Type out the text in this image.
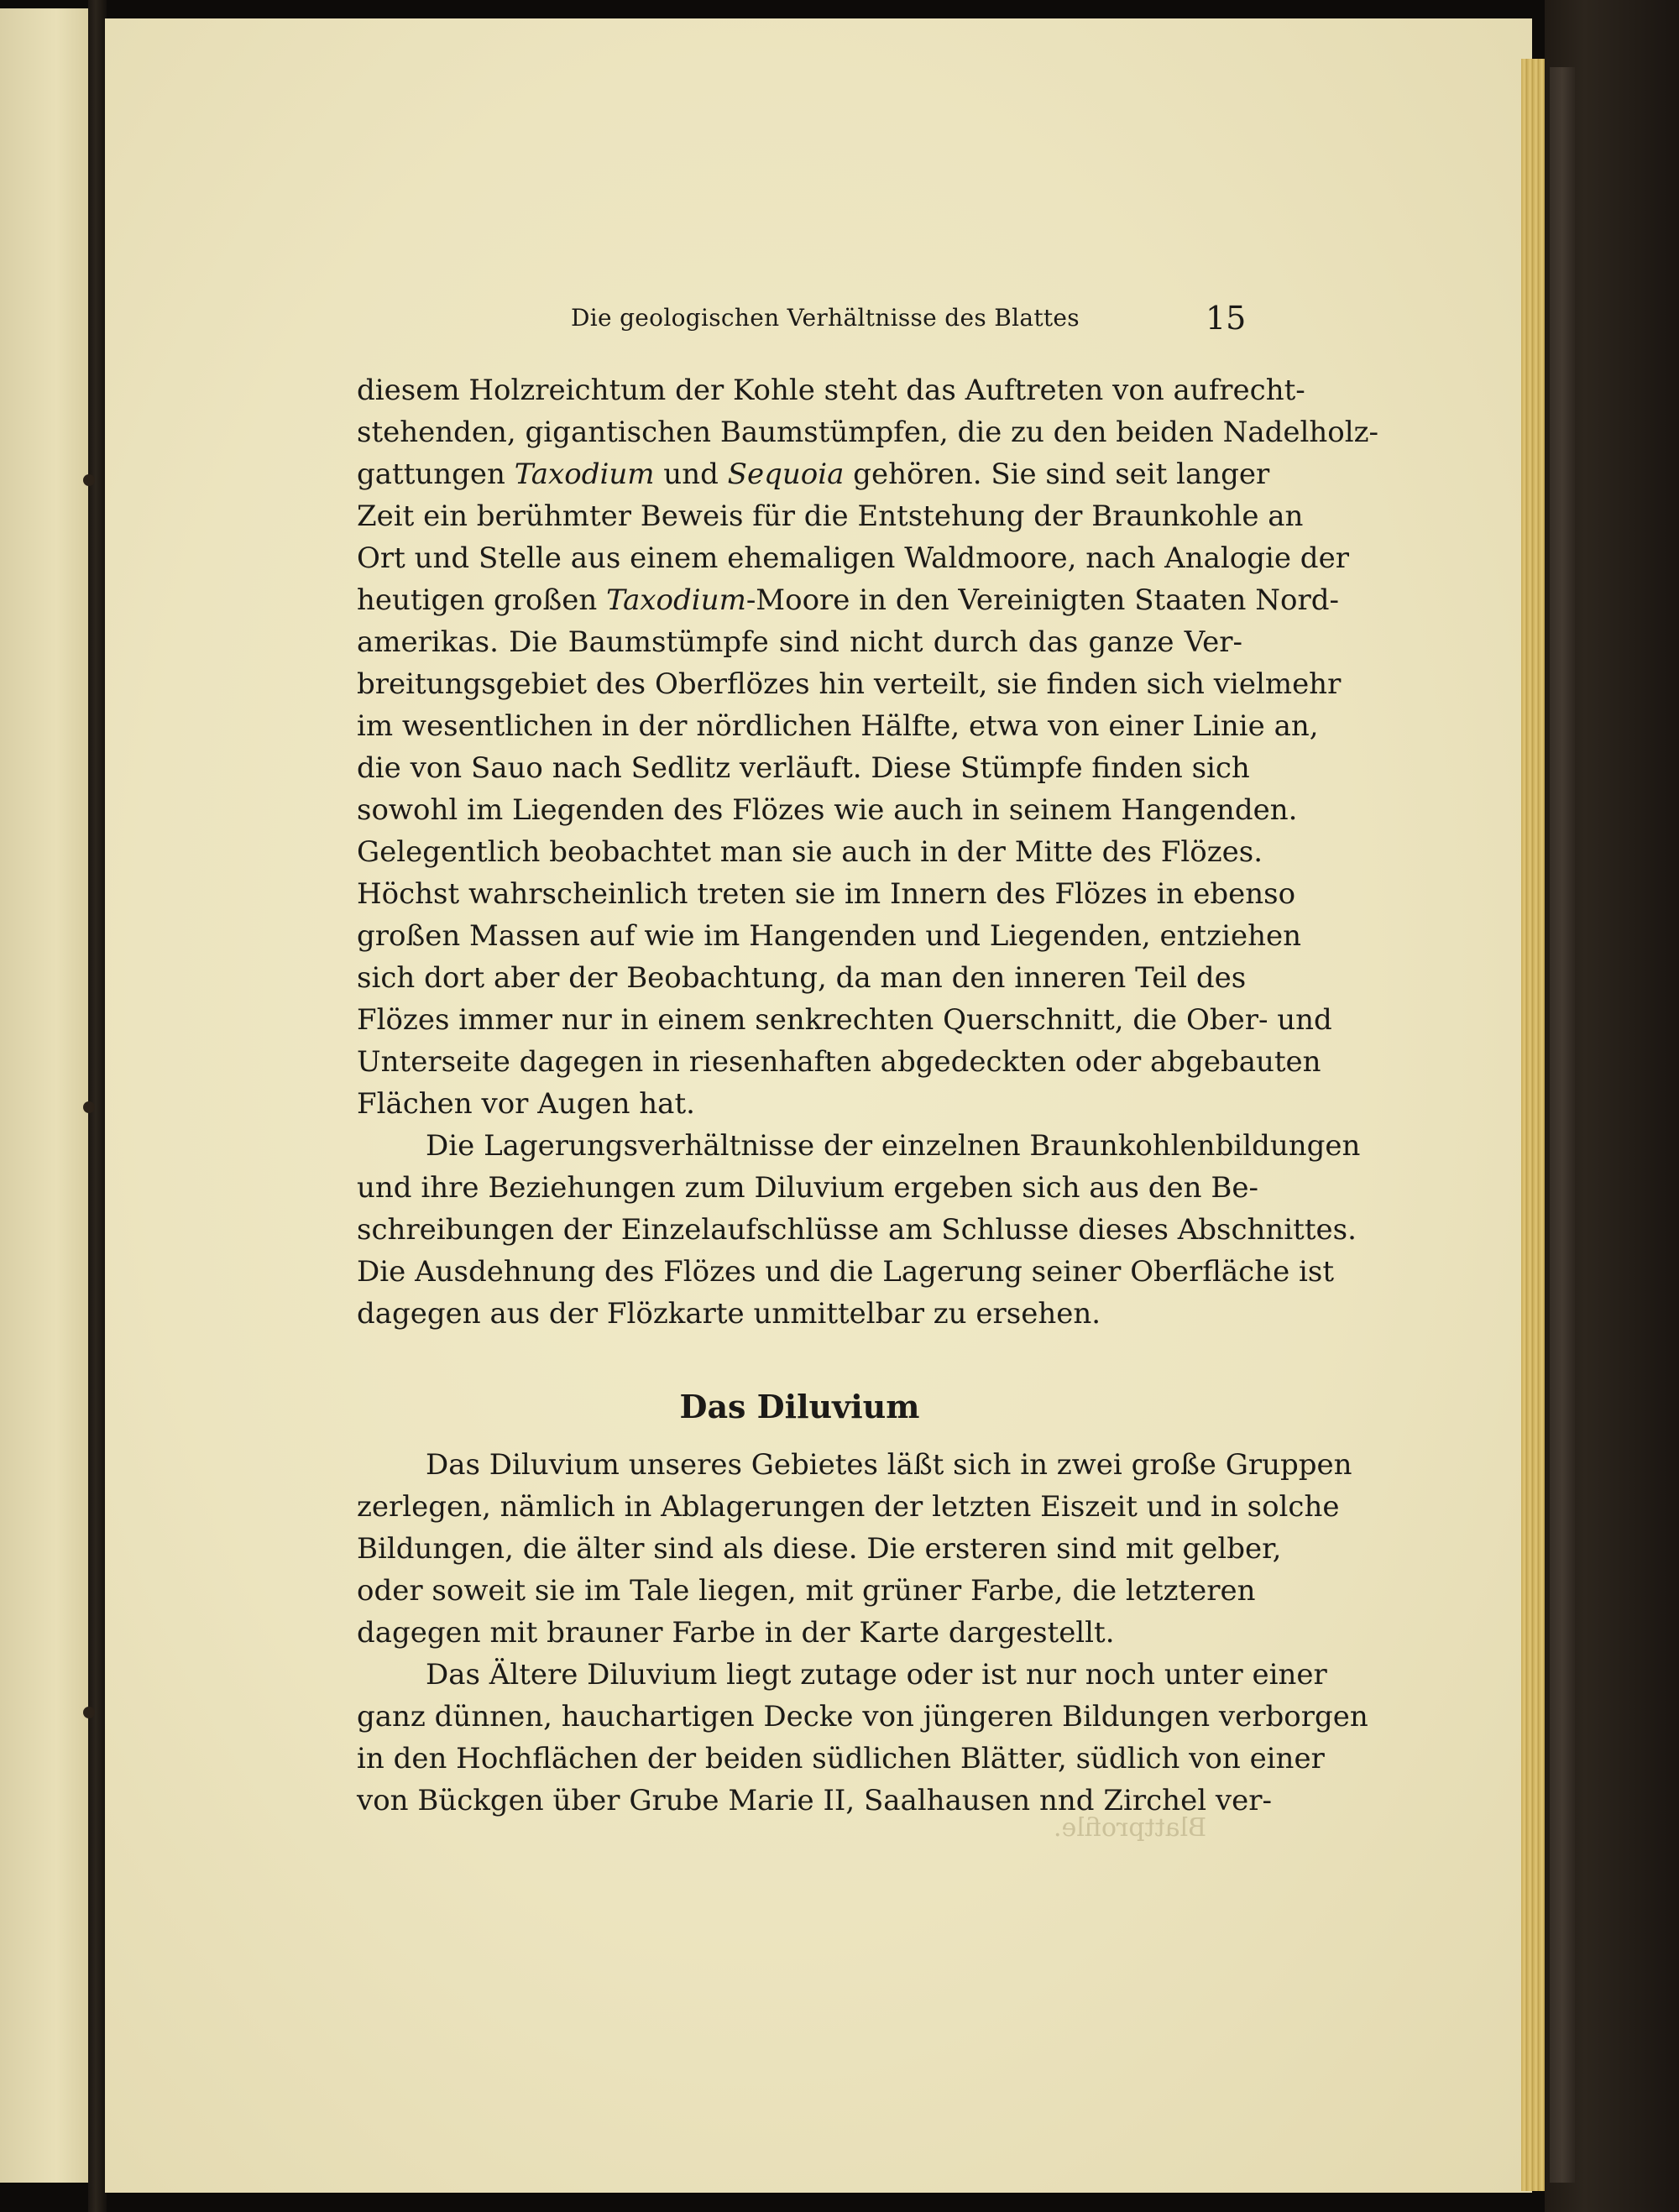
Die geologischen Verhältnisse des Blattes	15
diesem Holzreichtum der Kohle steht das Auftreten von aufrecht-
stehenden, gigantischen Baumstümpfen, die zu den beiden Nadelholz-
gattungen Taxodium und Sequoia gehören. Sie sind seit langer
Zeit ein berühmter Beweis für die Entstehung der Braunkohle an
Ort und Stelle aus einem ehemaligen Waldmoore, nach Analogie der
heutigen großen Taxodium-Moore in den Vereinigten Staaten Nord-
amerikas. Die Baumstümpfe sind nicht durch das ganze Ver-
breitungsgebiet des Oberflözes hin verteilt, sie finden sich vielmehr
im wesentlichen in der nördlichen Hälfte, etwa von einer Linie an,
die von Sauo nach Sedlitz verläuft. Diese Stümpfe finden sich
sowohl im Liegenden des Flözes wie auch in seinem Hangenden.
Gelegentlich beobachtet man sie auch in der Mitte des Flözes.
Höchst wahrscheinlich treten sie im Innern des Flözes in ebenso
großen Massen auf wie im Hangenden und Liegenden, entziehen
sich dort aber der Beobachtung, da man den inneren Teil des
Flözes immer nur in einem senkrechten Querschnitt, die Ober- und
Unterseite dagegen in riesenhaften abgedeckten oder abgebauten
Flächen vor Augen hat.
Die Lagerungsverhältnisse der einzelnen Braunkohlenbildungen
und ihre Beziehungen zum Diluvium ergeben sich aus den Be-
schreibungen der Einzelaufschlüsse am Schlusse dieses Abschnittes.
Die Ausdehnung des Flözes und die Lagerung seiner Oberfläche ist
dagegen aus der Flözkarte unmittelbar zu ersehen.
Das Diluvium unseres Gebietes läßt sich in zwei große Gruppen
zerlegen, nämlich in Ablagerungen der letzten Eiszeit und in solche
Bildungen, die älter sind als diese. Die ersteren sind mit gelber,
oder soweit sie im Tale liegen, mit grüner Farbe, die letzteren
dagegen mit brauner Farbe in der Karte dargestellt.
Das Ältere Diluvium liegt zutage oder ist nur noch unter einer
ganz dünnen, hauchartigen Decke von jüngeren Bildungen verborgen
in den Hochflächen der beiden südlichen Blätter, südlich von einer
von Bückgen über Grube Marie II, Saalhausen nnd Zirchel ver-
Das Diluvium
Blattprofile.
